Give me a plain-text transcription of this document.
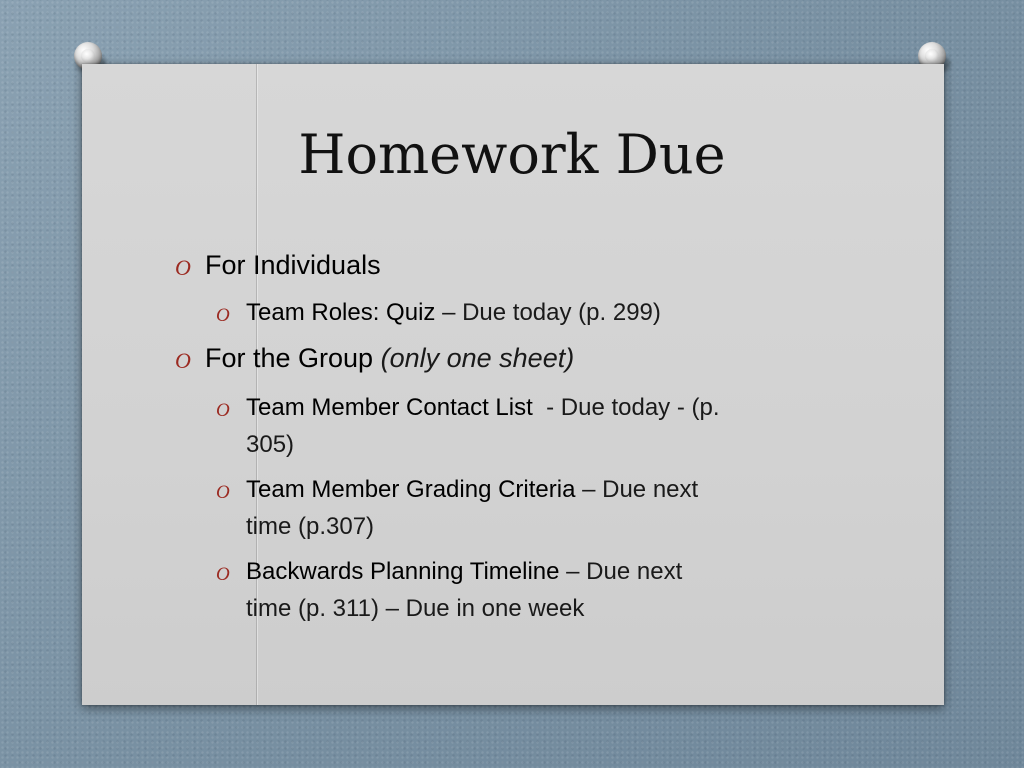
Homework Due
O For Individuals
O Team Roles: Quiz – Due today (p. 299)
O For the Group (only one sheet)
O Team Member Contact List  - Due today - (p.
305)
O Team Member Grading Criteria – Due next
time (p.307)
O Backwards Planning Timeline – Due next
time (p. 311) – Due in one week
